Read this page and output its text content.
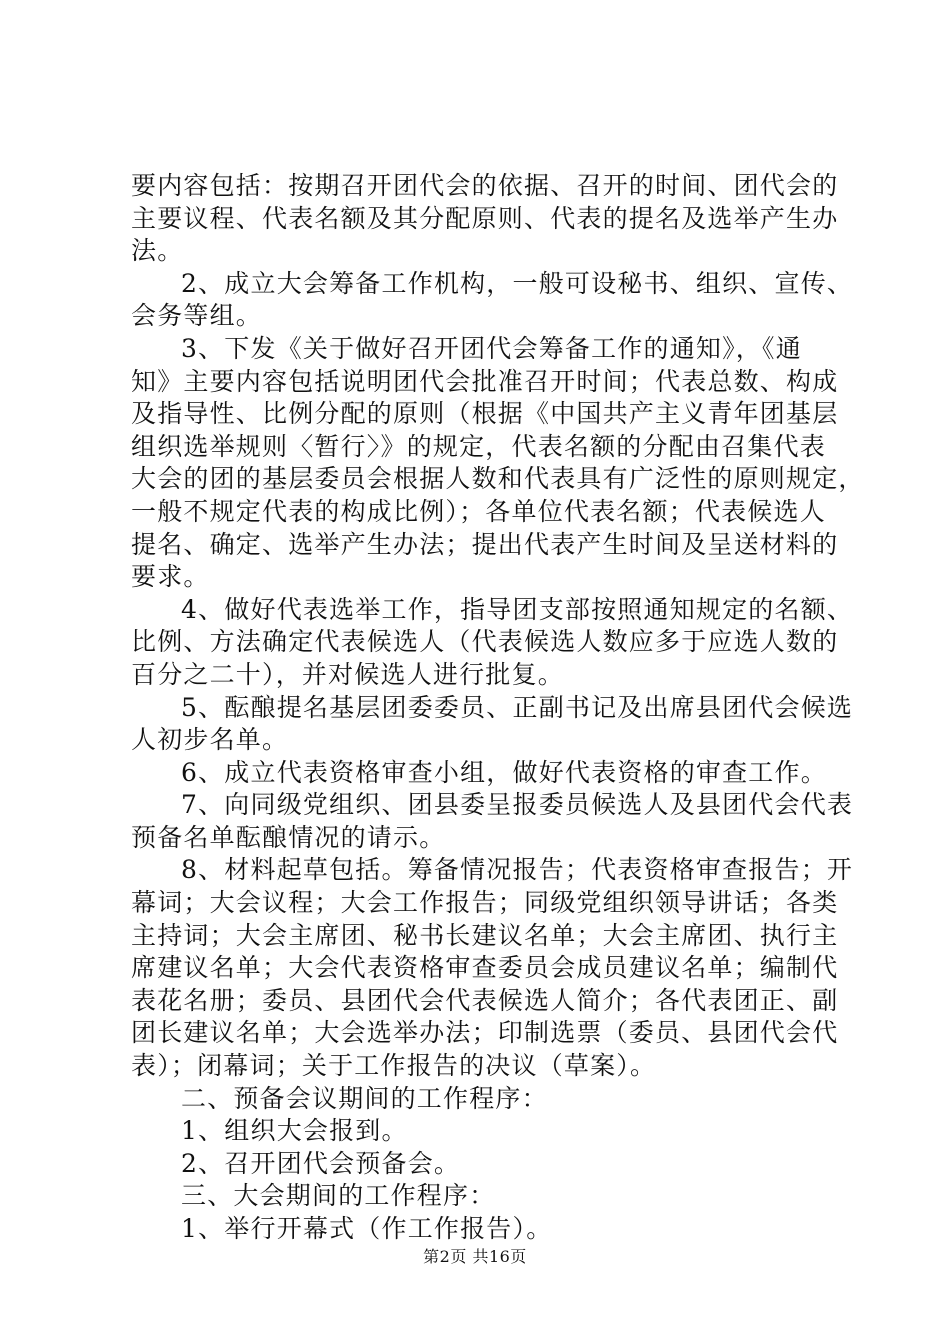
要内容包括：按期召开团代会的依据、召开的时间、团代会的
主要议程、代表名额及其分配原则、代表的提名及选举产生办
法。
2、成立大会筹备工作机构，一般可设秘书、组织、宣传、
会务等组。
3、下发《关于做好召开团代会筹备工作的通知》，《通
知》主要内容包括说明团代会批准召开时间；代表总数、构成
及指导性、比例分配的原则（根据《中国共产主义青年团基层
组织选举规则〈暂行〉》的规定，代表名额的分配由召集代表
大会的团的基层委员会根据人数和代表具有广泛性的原则规定，
一般不规定代表的构成比例）；各单位代表名额；代表候选人
提名、确定、选举产生办法；提出代表产生时间及呈送材料的
要求。
4、做好代表选举工作，指导团支部按照通知规定的名额、
比例、方法确定代表候选人（代表候选人数应多于应选人数的
百分之二十），并对候选人进行批复。
5、酝酿提名基层团委委员、正副书记及出席县团代会候选
人初步名单。
6、成立代表资格审查小组，做好代表资格的审查工作。
7、向同级党组织、团县委呈报委员候选人及县团代会代表
预备名单酝酿情况的请示。
8、材料起草包括。筹备情况报告；代表资格审查报告；开
幕词；大会议程；大会工作报告；同级党组织领导讲话；各类
主持词；大会主席团、秘书长建议名单；大会主席团、执行主
席建议名单；大会代表资格审查委员会成员建议名单；编制代
表花名册；委员、县团代会代表候选人简介；各代表团正、副
团长建议名单；大会选举办法；印制选票（委员、县团代会代
表）；闭幕词；关于工作报告的决议（草案）。
二、预备会议期间的工作程序：
1、组织大会报到。
2、召开团代会预备会。
三、大会期间的工作程序：
1、举行开幕式（作工作报告）。
第2页 共16页
